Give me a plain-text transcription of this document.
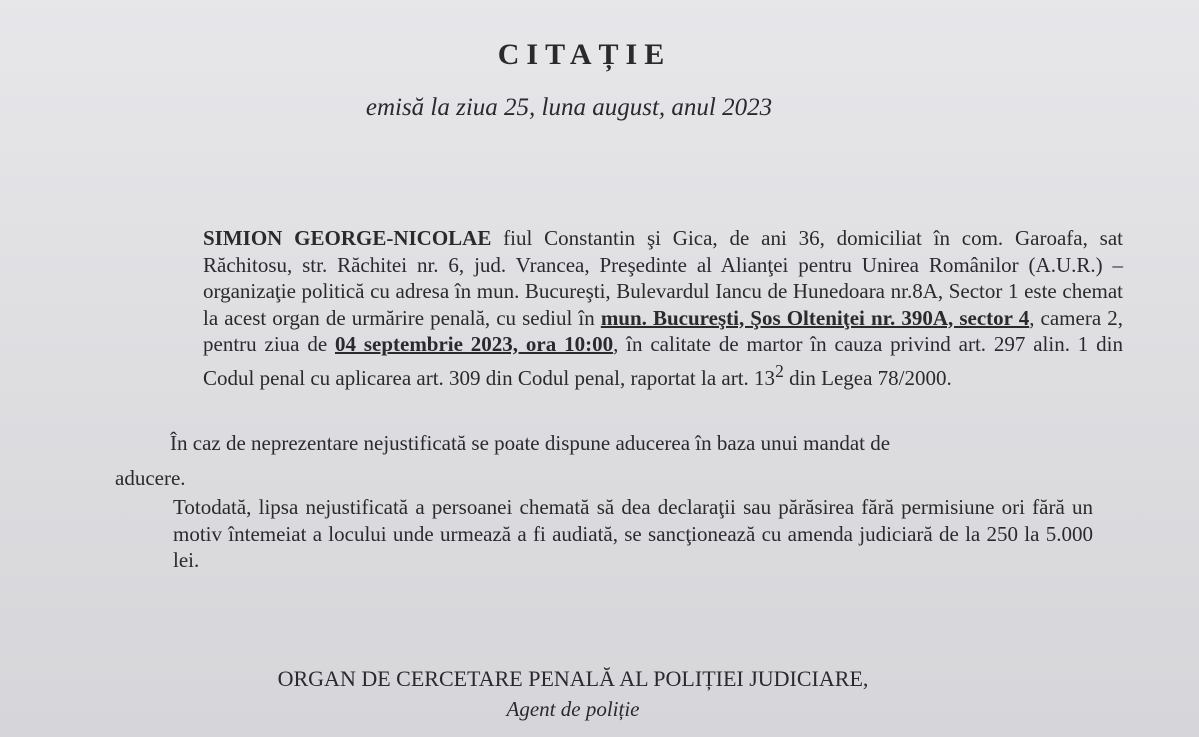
CITAȚIE
emisă la ziua 25, luna august, anul 2023
SIMION GEORGE-NICOLAE fiul Constantin şi Gica, de ani 36, domiciliat în com. Garoafa, sat Răchitosu, str. Răchitei nr. 6, jud. Vrancea, Preşedinte al Alianţei pentru Unirea Românilor (A.U.R.) – organizaţie politică cu adresa în mun. Bucureşti, Bulevardul Iancu de Hunedoara nr.8A, Sector 1 este chemat la acest organ de urmărire penală, cu sediul în mun. Bucureşti, Şos Olteniţei nr. 390A, sector 4, camera 2, pentru ziua de 04 septembrie 2023, ora 10:00, în calitate de martor în cauza privind art. 297 alin. 1 din Codul penal cu aplicarea art. 309 din Codul penal, raportat la art. $13^2$ din Legea 78/2000.
În caz de neprezentare nejustificată se poate dispune aducerea în baza unui mandat de
aducere.
Totodată, lipsa nejustificată a persoanei chemată să dea declaraţii sau părăsirea fără permisiune ori fără un motiv întemeiat a locului unde urmează a fi audiată, se sancţionează cu amenda judiciară de la 250 la 5.000 lei.
ORGAN DE CERCETARE PENALĂ AL POLIȚIEI JUDICIARE,
Agent de poliție
